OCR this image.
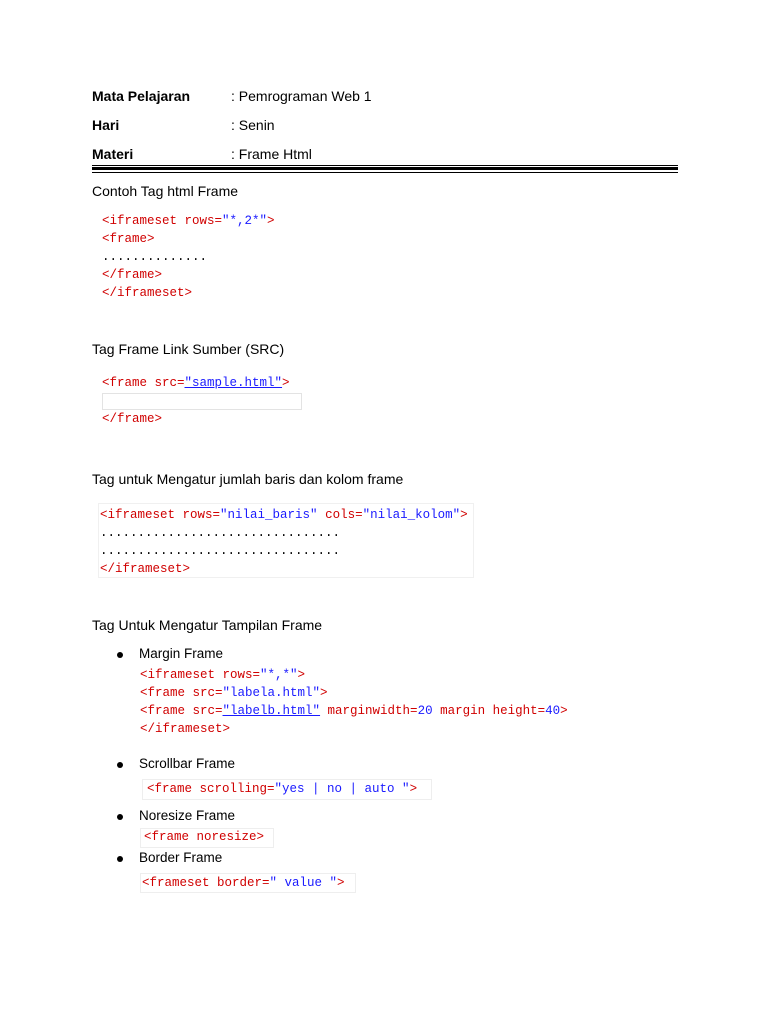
Mata Pelajaran	: Pemrograman Web 1
Hari	: Senin
Materi	: Frame Html
Contoh Tag html Frame
<iframeset rows="*,2*">
<frame>
..............
</frame>
</iframeset>
Tag Frame Link Sumber (SRC)
<frame src="sample.html">

</frame>
Tag untuk Mengatur jumlah baris dan kolom frame
<iframeset rows="nilai_baris" cols="nilai_kolom">
................................
................................
</iframeset>
Tag Untuk Mengatur Tampilan Frame
Margin Frame
<iframeset rows="*,*">
<frame src="labela.html">
<frame src="labelb.html" marginwidth=20 margin height=40>
</iframeset>
Scrollbar Frame
<frame scrolling="yes | no | auto ">
Noresize Frame
<frame noresize>
Border Frame
<frameset border=" value ">
